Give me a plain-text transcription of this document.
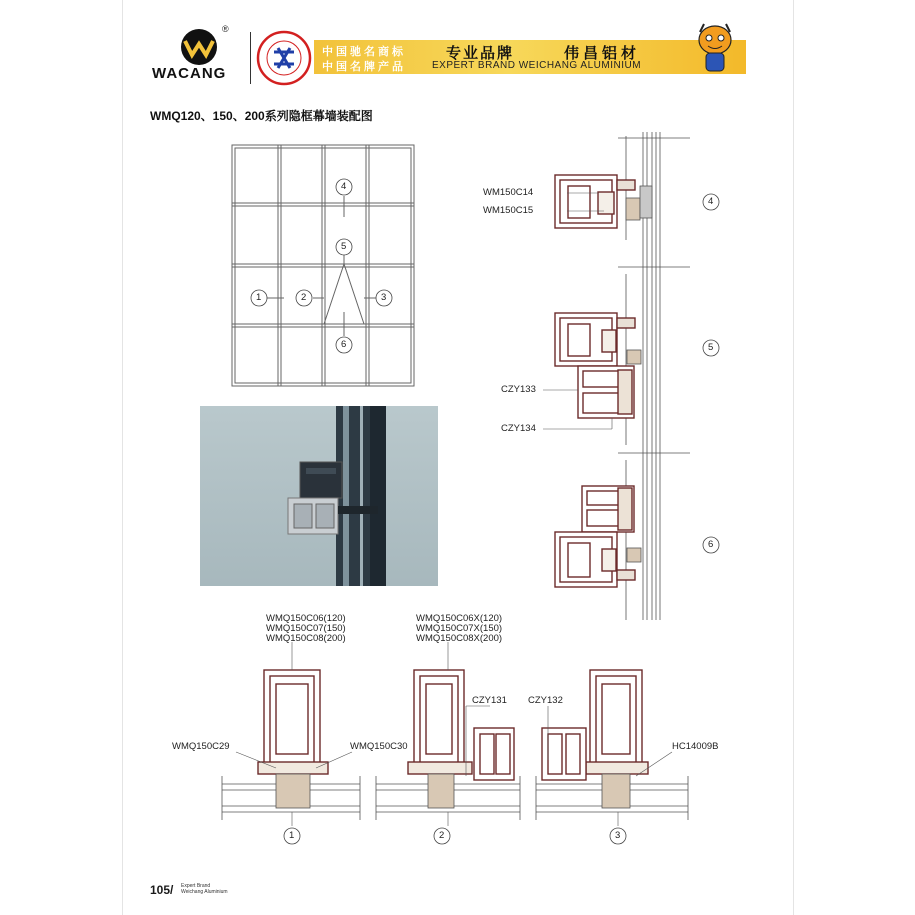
®
WACANG
中国驰名商标
中国名牌产品
专业品牌	伟昌铝材
EXPERT BRAND WEICHANG ALUMINIUM
WMQ120、150、200系列隐框幕墙装配图
4
5
1	2	3
6
WM150C14
WM150C15
4
CZY133
CZY134
5
6
WMQ150C06(120)
WMQ150C07(150)
WMQ150C08(200)
WMQ150C29	WMQ150C30
1
WMQ150C06X(120)
WMQ150C07X(150)
WMQ150C08X(200)
CZY131
2
CZY132
HC14009B
3
105/ Expert Brand
Weichang Aluminium
